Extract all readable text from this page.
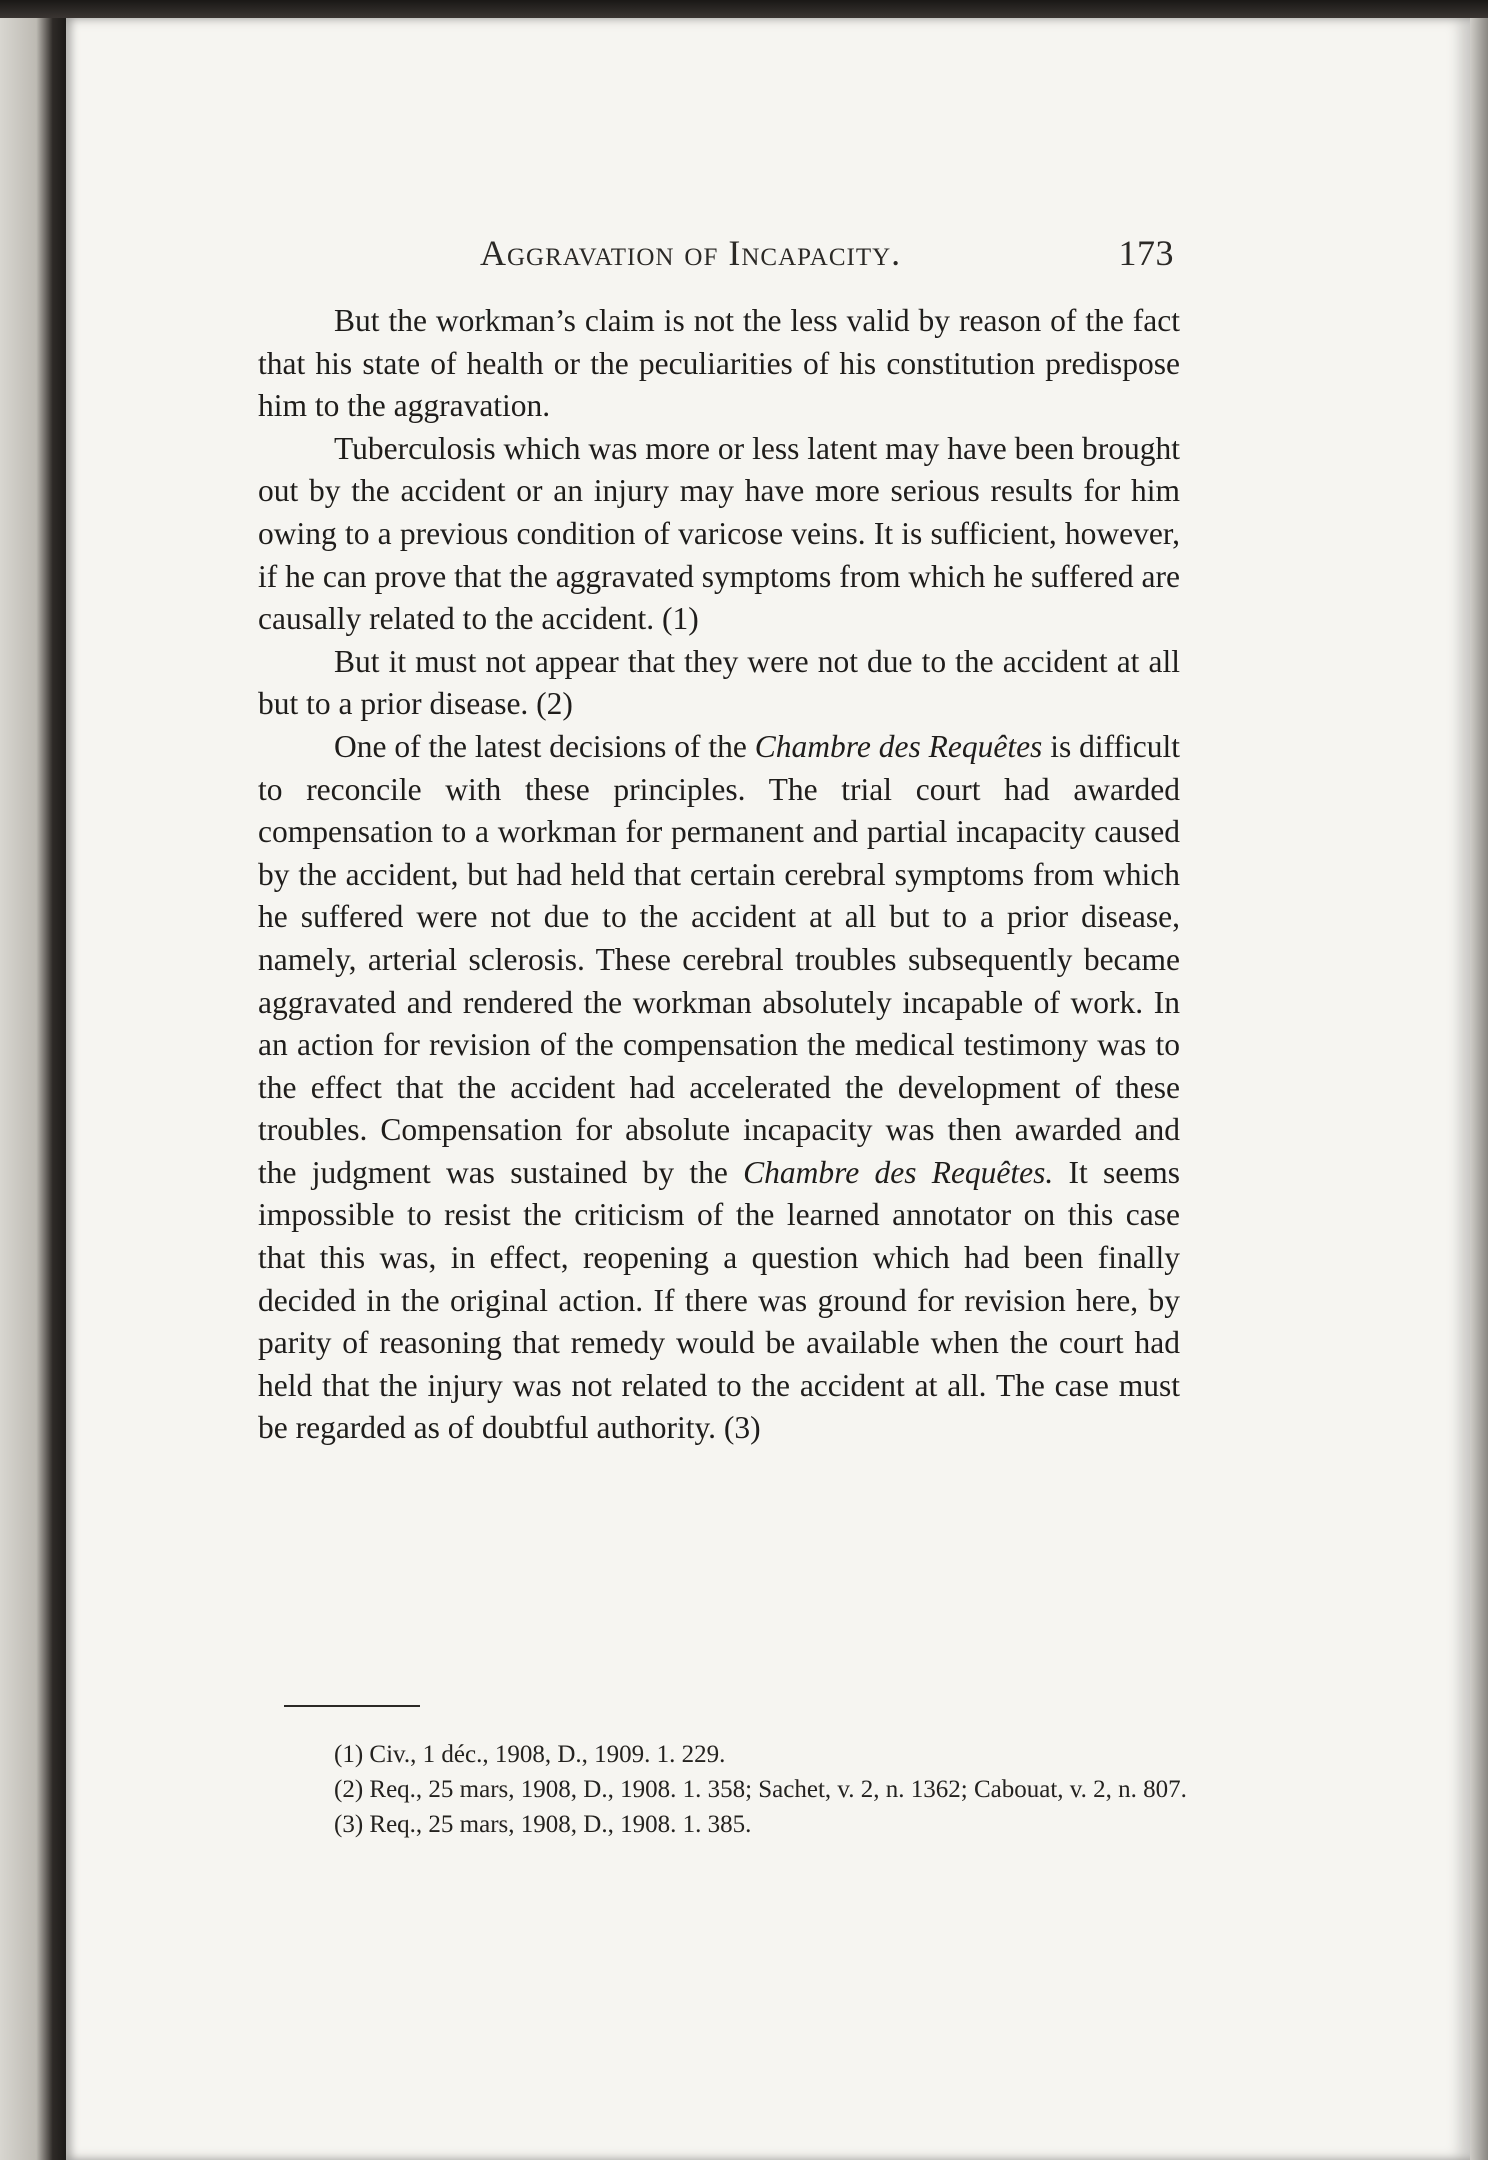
Aggravation of Incapacity.	173

But the workman’s claim is not the less valid by reason of the fact that his state of health or the peculiarities of his constitution predispose him to the aggravation.

Tuberculosis which was more or less latent may have been brought out by the accident or an injury may have more serious results for him owing to a previous condition of varicose veins. It is sufficient, however, if he can prove that the aggravated symptoms from which he suffered are causally related to the accident. (1)

But it must not appear that they were not due to the accident at all but to a prior disease. (2)

One of the latest decisions of the Chambre des Requêtes is difficult to reconcile with these principles. The trial court had awarded compensation to a workman for permanent and partial incapacity caused by the accident, but had held that certain cerebral symptoms from which he suffered were not due to the accident at all but to a prior disease, namely, arterial sclerosis. These cerebral troubles subsequently became aggravated and rendered the workman absolutely incapable of work. In an action for revision of the compensation the medical testimony was to the effect that the accident had accelerated the development of these troubles. Compensation for absolute incapacity was then awarded and the judgment was sustained by the Chambre des Requêtes. It seems impossible to resist the criticism of the learned annotator on this case that this was, in effect, reopening a question which had been finally decided in the original action. If there was ground for revision here, by parity of reasoning that remedy would be available when the court had held that the injury was not related to the accident at all. The case must be regarded as of doubtful authority. (3)

(1) Civ., 1 déc., 1908, D., 1909. 1. 229.

(2) Req., 25 mars, 1908, D., 1908. 1. 358; Sachet, v. 2, n. 1362; Cabouat, v. 2, n. 807.

(3) Req., 25 mars, 1908, D., 1908. 1. 385.
